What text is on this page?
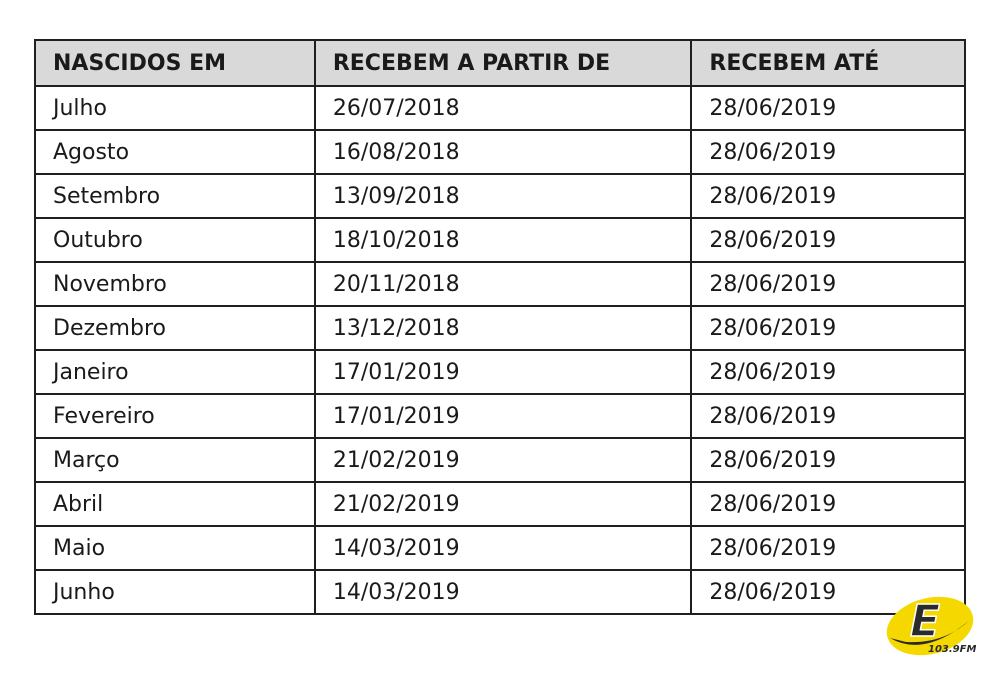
NASCIDOS EM	RECEBEM A PARTIR DE	RECEBEM ATÉ
Julho	26/07/2018	28/06/2019
Agosto	16/08/2018	28/06/2019
Setembro	13/09/2018	28/06/2019
Outubro	18/10/2018	28/06/2019
Novembro	20/11/2018	28/06/2019
Dezembro	13/12/2018	28/06/2019
Janeiro	17/01/2019	28/06/2019
Fevereiro	17/01/2019	28/06/2019
Março	21/02/2019	28/06/2019
Abril	21/02/2019	28/06/2019
Maio	14/03/2019	28/06/2019
Junho	14/03/2019	28/06/2019
E
103.9FM
